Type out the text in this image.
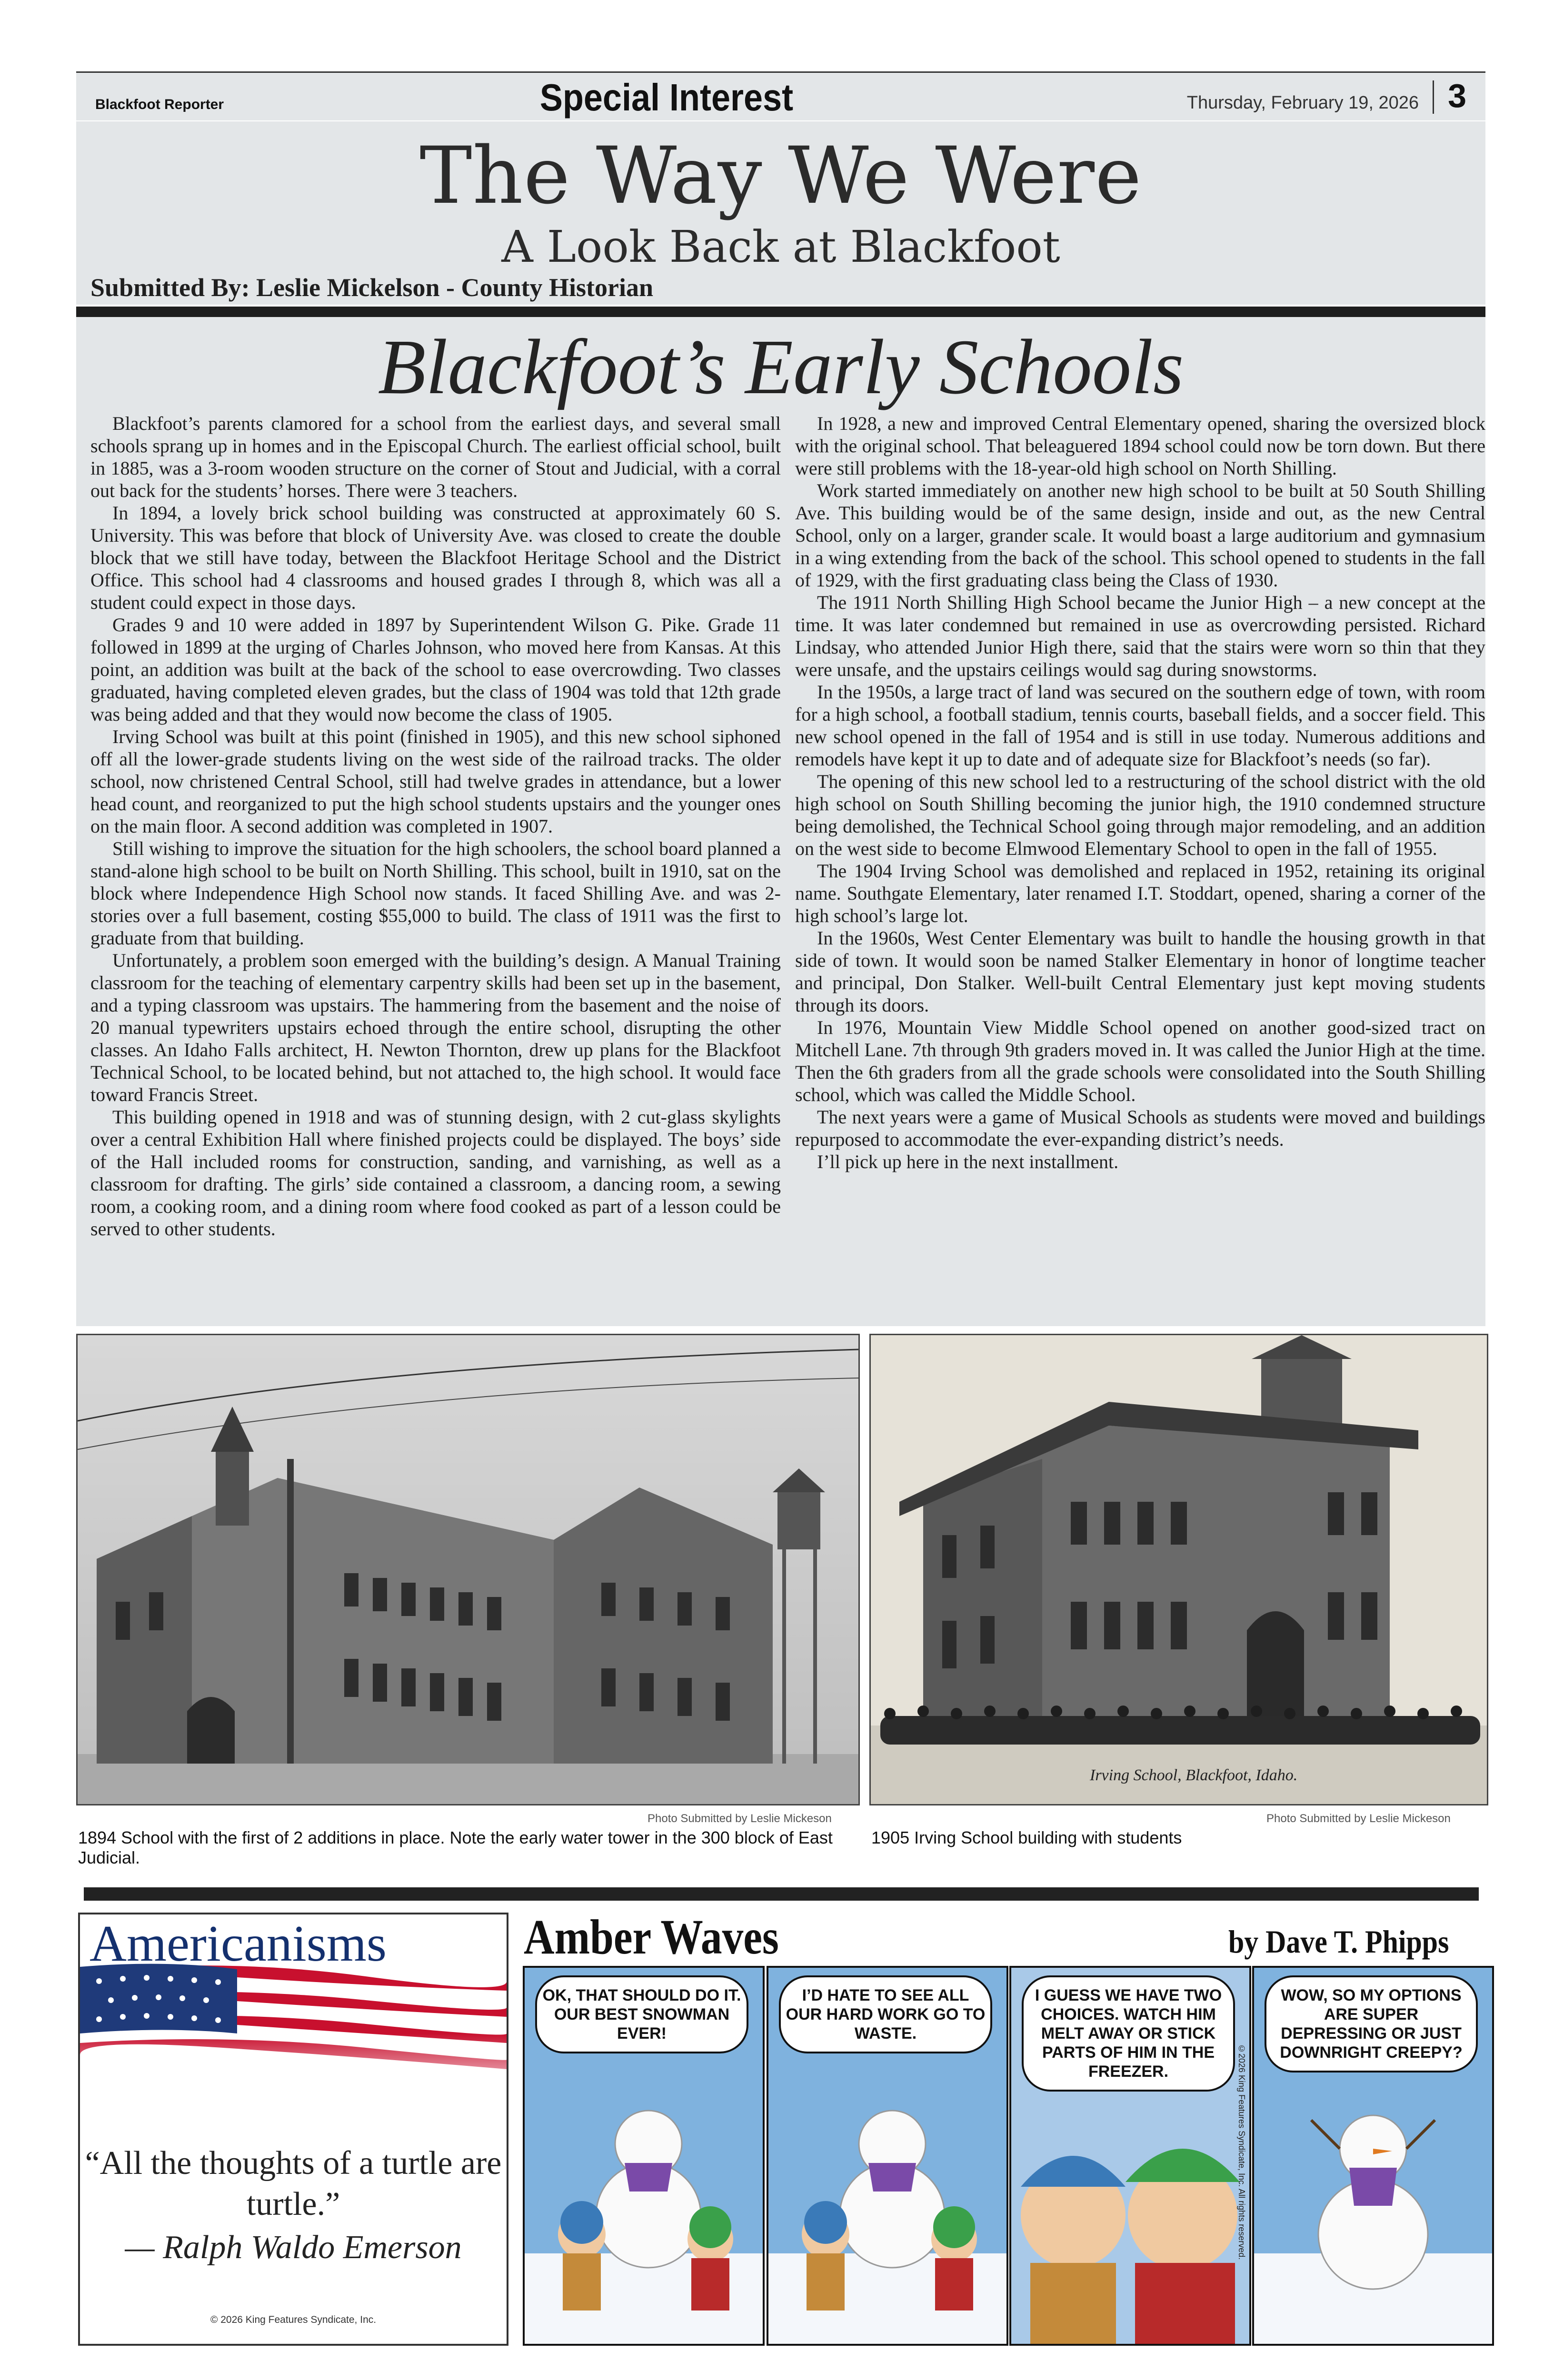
Blackfoot Reporter	Special Interest	Thursday, February 19, 2026 3
The Way We Were
A Look Back at Blackfoot
Submitted By: Leslie Mickelson - County Historian
Blackfoot’s Early Schools

Blackfoot’s parents clamored for a school from the earliest days, and several small schools sprang up in homes and in the Episcopal Church. The earliest official school, built in 1885, was a 3-room wooden structure on the corner of Stout and Judicial, with a corral out back for the students’ horses. There were 3 teachers.

In 1894, a lovely brick school building was constructed at approximately 60 S. University. This was before that block of University Ave. was closed to create the double block that we still have today, between the Blackfoot Heritage School and the District Office. This school had 4 classrooms and housed grades I through 8, which was all a student could expect in those days.

Grades 9 and 10 were added in 1897 by Superintendent Wilson G. Pike. Grade 11 followed in 1899 at the urging of Charles Johnson, who moved here from Kansas. At this point, an addition was built at the back of the school to ease overcrowding. Two classes graduated, having completed eleven grades, but the class of 1904 was told that 12th grade was being added and that they would now become the class of 1905.

Irving School was built at this point (finished in 1905), and this new school siphoned off all the lower-grade students living on the west side of the railroad tracks. The older school, now christened Central School, still had twelve grades in attendance, but a lower head count, and reorganized to put the high school students upstairs and the younger ones on the main floor. A second addition was completed in 1907.

Still wishing to improve the situation for the high schoolers, the school board planned a stand-alone high school to be built on North Shilling. This school, built in 1910, sat on the block where Independence High School now stands. It faced Shilling Ave. and was 2-stories over a full basement, costing $55,000 to build. The class of 1911 was the first to graduate from that building.

Unfortunately, a problem soon emerged with the building’s design. A Manual Training classroom for the teaching of elementary carpentry skills had been set up in the basement, and a typing classroom was upstairs. The hammering from the basement and the noise of 20 manual typewriters upstairs echoed through the entire school, disrupting the other classes. An Idaho Falls architect, H. Newton Thornton, drew up plans for the Blackfoot Technical School, to be located behind, but not attached to, the high school. It would face toward Francis Street.

This building opened in 1918 and was of stunning design, with 2 cut-glass skylights over a central Exhibition Hall where finished projects could be displayed. The boys’ side of the Hall included rooms for construction, sanding, and varnishing, as well as a classroom for drafting. The girls’ side contained a classroom, a dancing room, a sewing room, a cooking room, and a dining room where food cooked as part of a lesson could be served to other students.

In 1928, a new and improved Central Elementary opened, sharing the oversized block with the original school. That beleaguered 1894 school could now be torn down. But there were still problems with the 18-year-old high school on North Shilling.

Work started immediately on another new high school to be built at 50 South Shilling Ave. This building would be of the same design, inside and out, as the new Central School, only on a larger, grander scale. It would boast a large auditorium and gymnasium in a wing extending from the back of the school. This school opened to students in the fall of 1929, with the first graduating class being the Class of 1930.

The 1911 North Shilling High School became the Junior High – a new concept at the time. It was later condemned but remained in use as overcrowding persisted. Richard Lindsay, who attended Junior High there, said that the stairs were worn so thin that they were unsafe, and the upstairs ceilings would sag during snowstorms.

In the 1950s, a large tract of land was secured on the southern edge of town, with room for a high school, a football stadium, tennis courts, baseball fields, and a soccer field. This new school opened in the fall of 1954 and is still in use today. Numerous additions and remodels have kept it up to date and of adequate size for Blackfoot’s needs (so far).

The opening of this new school led to a restructuring of the school district with the old high school on South Shilling becoming the junior high, the 1910 condemned structure being demolished, the Technical School going through major remodeling, and an addition on the west side to become Elmwood Elementary School to open in the fall of 1955.

The 1904 Irving School was demolished and replaced in 1952, retaining its original name. Southgate Elementary, later renamed I.T. Stoddart, opened, sharing a corner of the high school’s large lot.

In the 1960s, West Center Elementary was built to handle the housing growth in that side of town. It would soon be named Stalker Elementary in honor of longtime teacher and principal, Don Stalker. Well-built Central Elementary just kept moving students through its doors.

In 1976, Mountain View Middle School opened on another good-sized tract on Mitchell Lane. 7th through 9th graders moved in. It was called the Junior High at the time. Then the 6th graders from all the grade schools were consolidated into the South Shilling school, which was called the Middle School.

The next years were a game of Musical Schools as students were moved and buildings repurposed to accommodate the ever-expanding district’s needs.

I’ll pick up here in the next installment.

Irving School, Blackfoot, Idaho.
Photo Submitted by Leslie Mickeson	Photo Submitted by Leslie Mickeson
1894 School with the first of 2 additions in place. Note the early water tower in the 300 block of East Judicial.
1905 Irving School building with students
Americanisms
“All the thoughts of a turtle are turtle.”
— Ralph Waldo Emerson
© 2026 King Features Syndicate, Inc.
Amber Waves	by Dave T. Phipps
OK, THAT SHOULD DO IT. OUR BEST SNOWMAN EVER!
I’D HATE TO SEE ALL OUR HARD WORK GO TO WASTE.
I GUESS WE HAVE TWO CHOICES. WATCH HIM MELT AWAY OR STICK PARTS OF HIM IN THE FREEZER.	©2026 King Features Syndicate, Inc. All rights reserved.
WOW, SO MY OPTIONS ARE SUPER DEPRESSING OR JUST DOWNRIGHT CREEPY?
